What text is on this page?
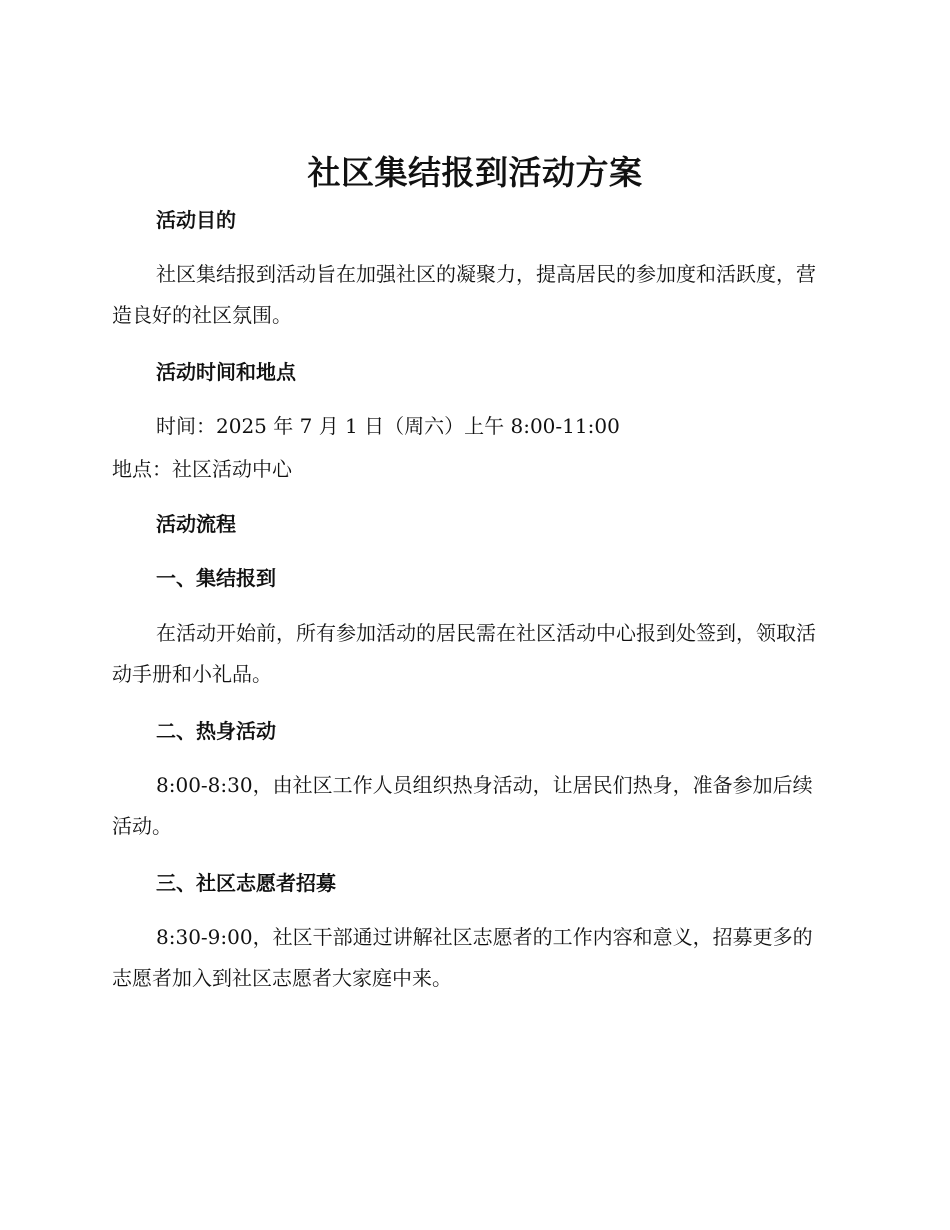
社区集结报到活动方案
活动目的

社区集结报到活动旨在加强社区的凝聚力，提高居民的参加度和活跃度，营造良好的社区氛围。

活动时间和地点

时间：2025 年 7 月 1 日（周六）上午 8:00-11:00

地点：社区活动中心

活动流程
一、集结报到

在活动开始前，所有参加活动的居民需在社区活动中心报到处签到，领取活动手册和小礼品。

二、热身活动

8:00-8:30，由社区工作人员组织热身活动，让居民们热身，准备参加后续活动。

三、社区志愿者招募

8:30-9:00，社区干部通过讲解社区志愿者的工作内容和意义，招募更多的志愿者加入到社区志愿者大家庭中来。
